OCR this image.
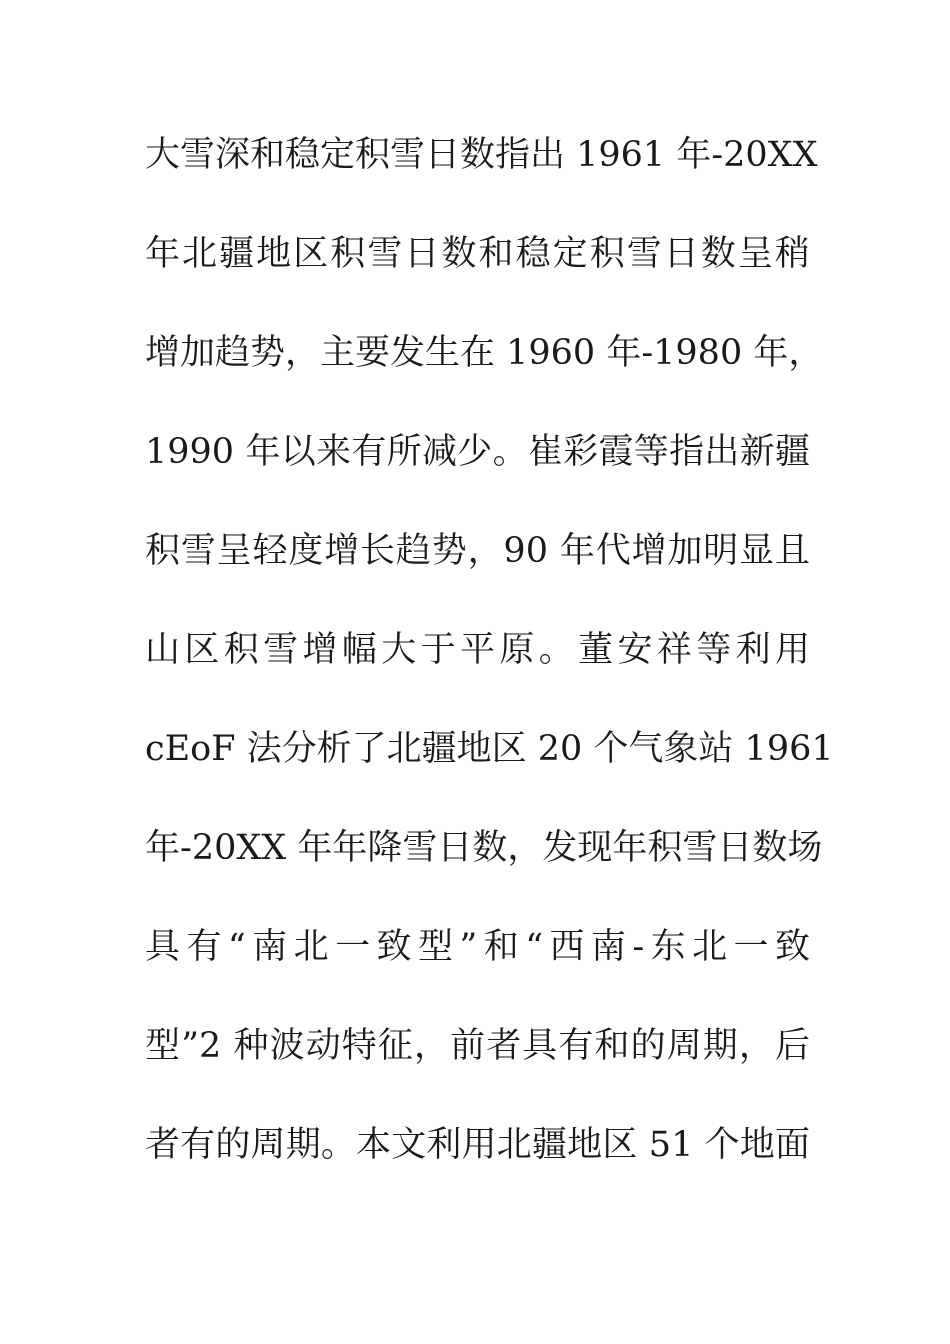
大雪深和稳定积雪日数指出 1961 年-20XX
年北疆地区积雪日数和稳定积雪日数呈稍
增加趋势，主要发生在 1960 年-1980 年，
1990 年以来有所减少。崔彩霞等指出新疆
积雪呈轻度增长趋势，90 年代增加明显且
山区积雪增幅大于平原。董安祥等利用
cEoF 法分析了北疆地区 20 个气象站 1961
年-20XX 年年降雪日数，发现年积雪日数场
具有“南北一致型”和“西南-东北一致
型”2 种波动特征，前者具有和的周期，后
者有的周期。本文利用北疆地区 51 个地面
